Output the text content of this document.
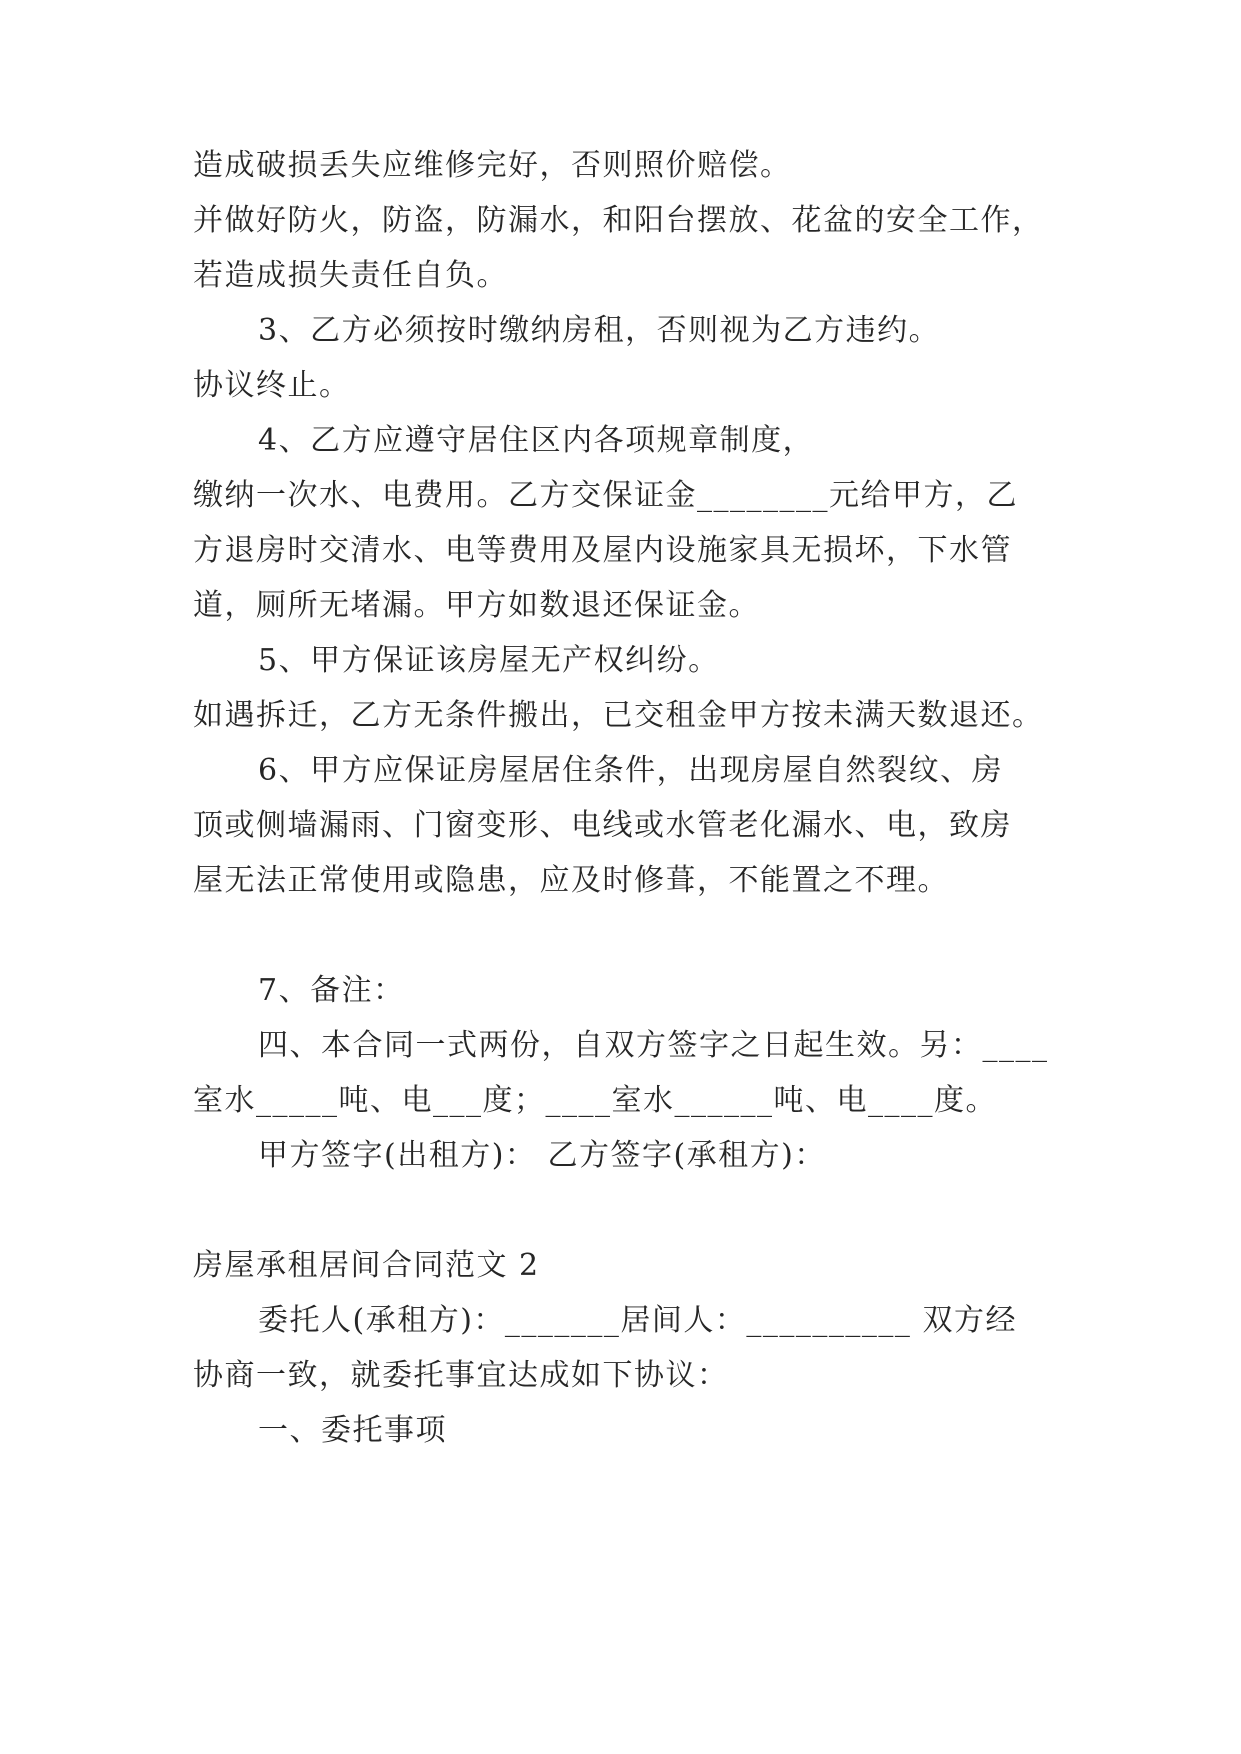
造成破损丢失应维修完好，否则照价赔偿。
并做好防火，防盗，防漏水，和阳台摆放、花盆的安全工作，
若造成损失责任自负。
3、乙方必须按时缴纳房租，否则视为乙方违约。
协议终止。
4、乙方应遵守居住区内各项规章制度，
缴纳一次水、电费用。乙方交保证金________元给甲方，乙
方退房时交清水、电等费用及屋内设施家具无损坏，下水管
道，厕所无堵漏。甲方如数退还保证金。
5、甲方保证该房屋无产权纠纷。
如遇拆迁，乙方无条件搬出，已交租金甲方按未满天数退还。
6、甲方应保证房屋居住条件，出现房屋自然裂纹、房
顶或侧墙漏雨、门窗变形、电线或水管老化漏水、电，致房
屋无法正常使用或隐患，应及时修葺，不能置之不理。
7、备注：
四、本合同一式两份，自双方签字之日起生效。另：____
室水_____吨、电___度；____室水______吨、电____度。
甲方签字(出租方)： 乙方签字(承租方)：
房屋承租居间合同范文 2
委托人(承租方)：_______居间人：__________ 双方经
协商一致，就委托事宜达成如下协议：
一、委托事项
